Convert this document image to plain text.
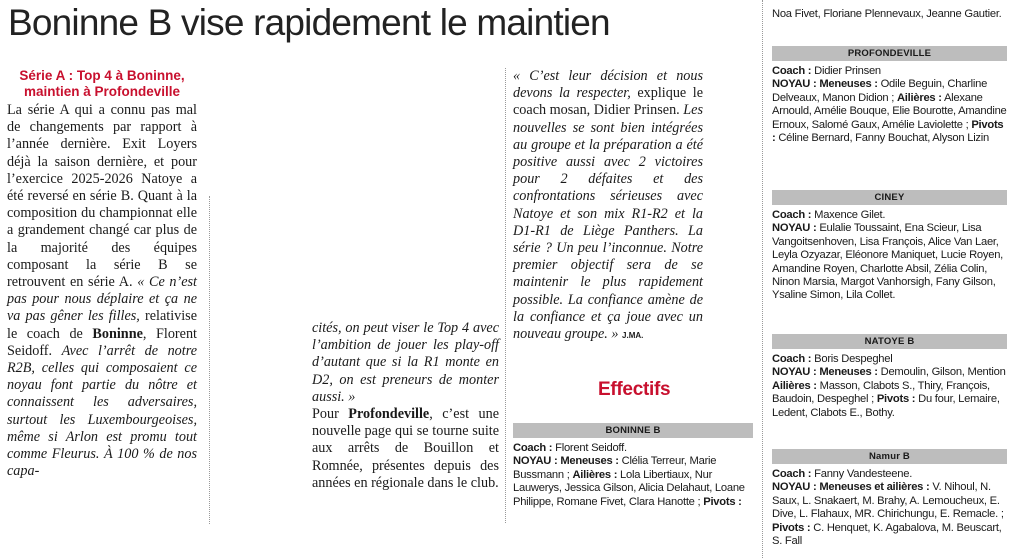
Boninne B vise rapidement le maintien
Série A : Top 4 à Boninne,
maintien à Profondeville

La série A qui a connu pas mal de changements par rapport à l’année dernière. Exit Loyers déjà la saison dernière, et pour l’exercice 2025-2026 Natoye a été reversé en série B. Quant à la composition du championnat elle a grandement changé car plus de la majorité des équipes composant la série B se retrouvent en série A. « Ce n’est pas pour nous déplaire et ça ne va pas gêner les filles, relativise le coach de Boninne, Florent Seidoff. Avec l’arrêt de notre R2B, celles qui composaient ce noyau font partie du nôtre et connaissent les adversaires, surtout les Luxembourgeoises, même si Arlon est promu tout comme Fleurus. À 100 % de nos capa-

cités, on peut viser le Top 4 avec l’ambition de jouer les play-off d’autant que si la R1 monte en D2, on est preneurs de monter aussi. »

Pour Profondeville, c’est une nouvelle page qui se tourne suite aux arrêts de Bouillon et Romnée, présentes depuis des années en régionale dans le club.

« C’est leur décision et nous devons la respecter, explique le coach mosan, Didier Prinsen. Les nouvelles se sont bien intégrées au groupe et la préparation a été positive aussi avec 2 victoires pour 2 défaites et des confrontations sérieuses avec Natoye et son mix R1-R2 et la D1-R1 de Liège Panthers. La série ? Un peu l’inconnue. Notre premier objectif sera de se maintenir le plus rapidement possible. La confiance amène de la confiance et ça joue avec un nouveau groupe. » J.MA.

Effectifs
BONINNE B

Coach : Florent Seidoff.
NOYAU : Meneuses : Clélia Terreur, Marie Bussmann ; Ailières : Lola Libertiaux, Nur Lauwerys, Jessica Gilson, Alicia Delahaut, Loane Philippe, Romane Fivet, Clara Hanotte ; Pivots :

Noa Fivet, Floriane Plennevaux, Jeanne Gautier.

PROFONDEVILLE

Coach : Didier Prinsen
NOYAU : Meneuses : Odile Beguin, Charline Delveaux, Manon Didion ; Ailières : Alexane Arnould, Amélie Bouque, Elie Bourotte, Amandine Ernoux, Salomé Gaux, Amélie Laviolette ; Pivots : Céline Bernard, Fanny Bouchat, Alyson Lizin

CINEY

Coach : Maxence Gilet.
NOYAU : Eulalie Toussaint, Ena Scieur, Lisa Vangoitsenhoven, Lisa François, Alice Van Laer, Leyla Ozyazar, Eléonore Maniquet, Lucie Royen, Amandine Royen, Charlotte Absil, Zélia Colin, Ninon Marsia, Margot Vanhorsigh, Fany Gilson, Ysaline Simon, Lila Collet.

NATOYE B

Coach : Boris Despeghel
NOYAU : Meneuses : Demoulin, Gilson, Mention Ailières : Masson, Clabots S., Thiry, François, Baudoin, Despeghel ; Pivots : Du four, Lemaire, Ledent, Clabots E., Bothy.

Namur B

Coach : Fanny Vandesteene.
NOYAU : Meneuses et ailières : V. Nihoul, N. Saux, L. Snakaert, M. Brahy, A. Lemoucheux, E. Dive, L. Flahaux, MR. Chirichungu, E. Remacle. ; Pivots : C. Henquet, K. Agabalova, M. Beuscart, S. Fall
